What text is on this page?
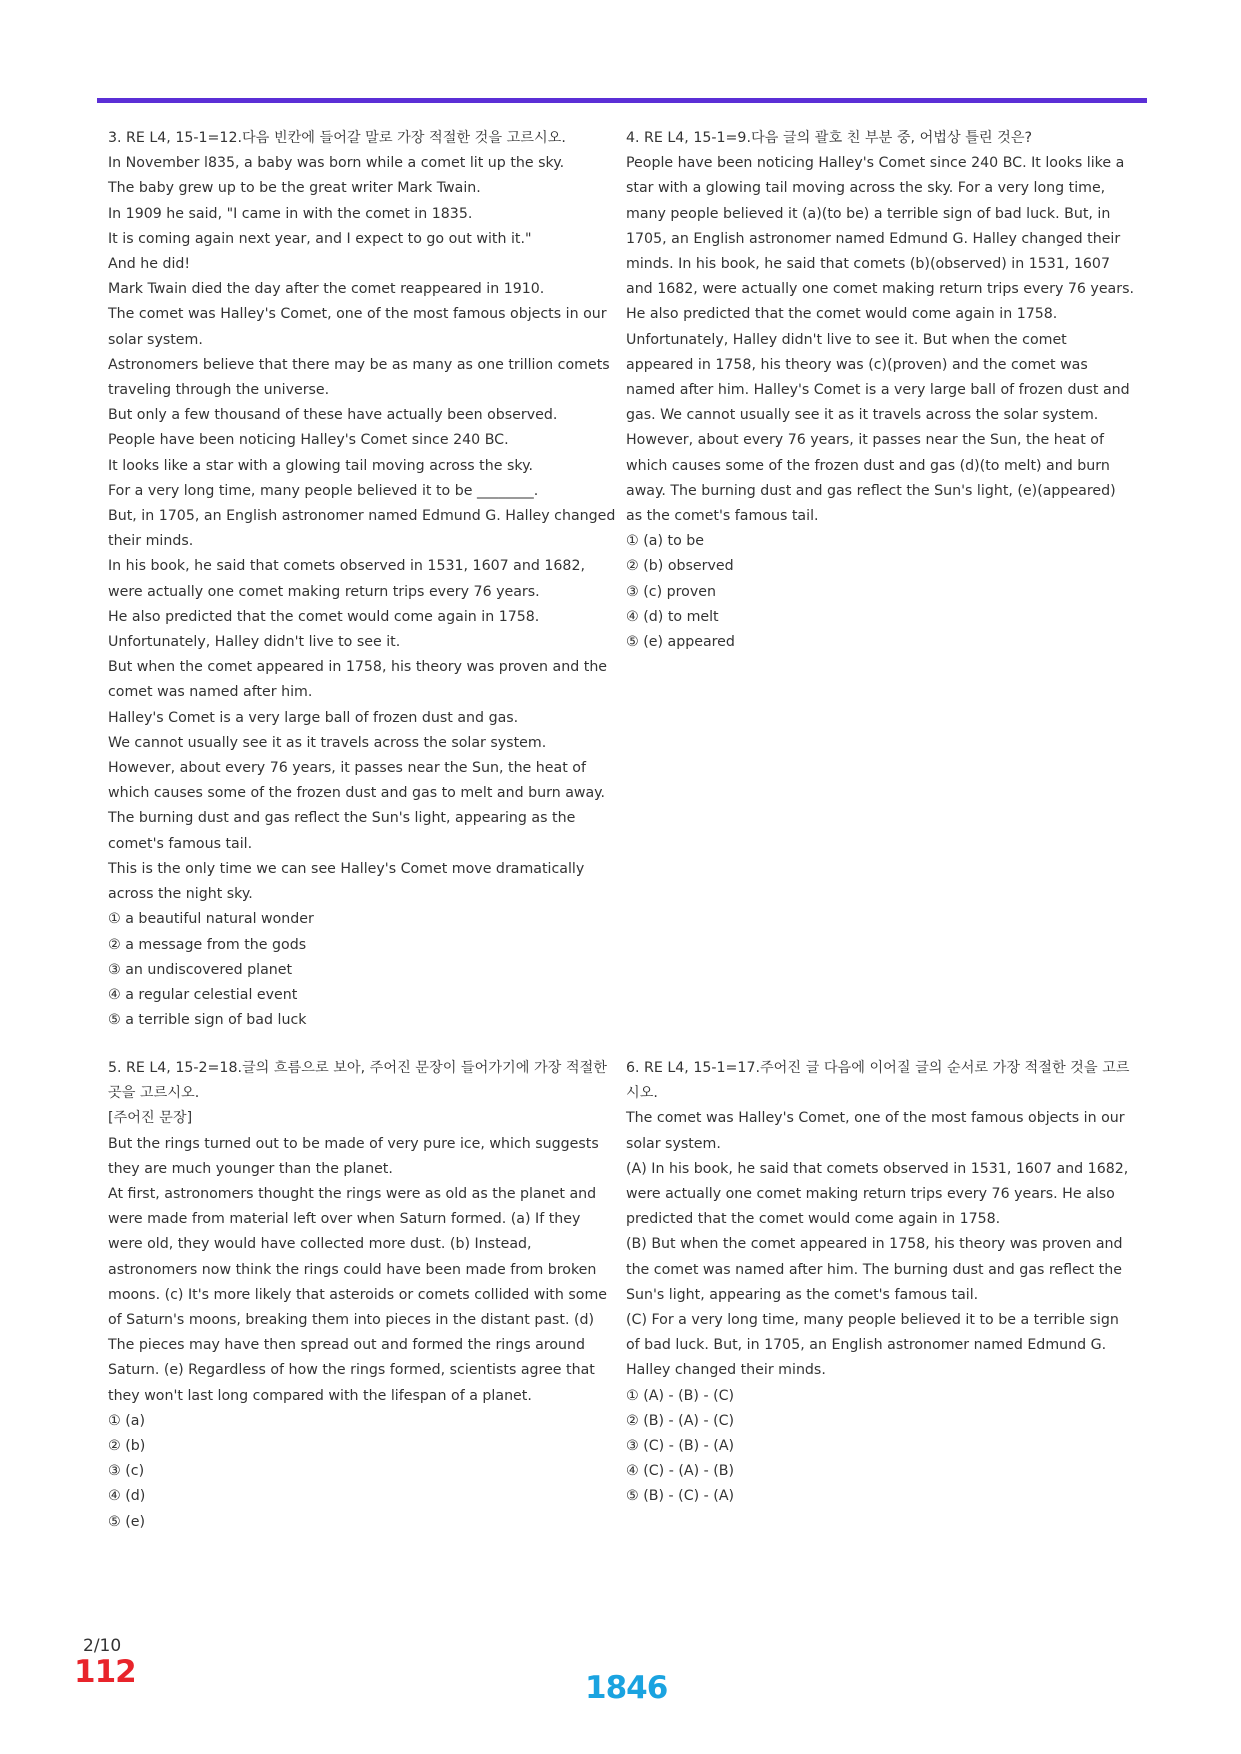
3. RE L4, 15-1=12.다음 빈칸에 들어갈 말로 가장 적절한 것을 고르시오.

In November l835, a baby was born while a comet lit up the sky.

The baby grew up to be the great writer Mark Twain.

In 1909 he said, "I came in with the comet in 1835.

It is coming again next year, and I expect to go out with it."

And he did!

Mark Twain died the day after the comet reappeared in 1910.

The comet was Halley's Comet, one of the most famous objects in our solar system.

Astronomers believe that there may be as many as one trillion comets traveling through the universe.

But only a few thousand of these have actually been observed.

People have been noticing Halley's Comet since 240 BC.

It looks like a star with a glowing tail moving across the sky.

For a very long time, many people believed it to be ________.

But, in 1705, an English astronomer named Edmund G. Halley changed their minds.

In his book, he said that comets observed in 1531, 1607 and 1682, were actually one comet making return trips every 76 years.

He also predicted that the comet would come again in 1758.

Unfortunately, Halley didn't live to see it.

But when the comet appeared in 1758, his theory was proven and the comet was named after him.

Halley's Comet is a very large ball of frozen dust and gas.

We cannot usually see it as it travels across the solar system.

However, about every 76 years, it passes near the Sun, the heat of which causes some of the frozen dust and gas to melt and burn away.

The burning dust and gas reflect the Sun's light, appearing as the comet's famous tail.

This is the only time we can see Halley's Comet move dramatically across the night sky.

① a beautiful natural wonder

② a message from the gods

③ an undiscovered planet

④ a regular celestial event

⑤ a terrible sign of bad luck

4. RE L4, 15-1=9.다음 글의 괄호 친 부분 중, 어법상 틀린 것은?

People have been noticing Halley's Comet since 240 BC. It looks like a star with a glowing tail moving across the sky. For a very long time, many people believed it (a)(to be) a terrible sign of bad luck. But, in 1705, an English astronomer named Edmund G. Halley changed their minds. In his book, he said that comets (b)(observed) in 1531, 1607 and 1682, were actually one comet making return trips every 76 years. He also predicted that the comet would come again in 1758. Unfortunately, Halley didn't live to see it. But when the comet appeared in 1758, his theory was (c)(proven) and the comet was named after him. Halley's Comet is a very large ball of frozen dust and gas. We cannot usually see it as it travels across the solar system. However, about every 76 years, it passes near the Sun, the heat of which causes some of the frozen dust and gas (d)(to melt) and burn away. The burning dust and gas reflect the Sun's light, (e)(appeared) as the comet's famous tail.

① (a) to be

② (b) observed

③ (c) proven

④ (d) to melt

⑤ (e) appeared

5. RE L4, 15-2=18.글의 흐름으로 보아, 주어진 문장이 들어가기에 가장 적절한 곳을 고르시오.

[주어진 문장]

But the rings turned out to be made of very pure ice, which suggests they are much younger than the planet.

At first, astronomers thought the rings were as old as the planet and were made from material left over when Saturn formed. (a) If they were old, they would have collected more dust. (b) Instead, astronomers now think the rings could have been made from broken moons. (c) It's more likely that asteroids or comets collided with some of Saturn's moons, breaking them into pieces in the distant past. (d) The pieces may have then spread out and formed the rings around Saturn. (e) Regardless of how the rings formed, scientists agree that they won't last long compared with the lifespan of a planet.

① (a)

② (b)

③ (c)

④ (d)

⑤ (e)

6. RE L4, 15-1=17.주어진 글 다음에 이어질 글의 순서로 가장 적절한 것을 고르시오.

The comet was Halley's Comet, one of the most famous objects in our solar system.

(A) In his book, he said that comets observed in 1531, 1607 and 1682, were actually one comet making return trips every 76 years. He also predicted that the comet would come again in 1758.

(B) But when the comet appeared in 1758, his theory was proven and the comet was named after him. The burning dust and gas reflect the Sun's light, appearing as the comet's famous tail.

(C) For a very long time, many people believed it to be a terrible sign of bad luck. But, in 1705, an English astronomer named Edmund G. Halley changed their minds.

① (A) - (B) - (C)

② (B) - (A) - (C)

③ (C) - (B) - (A)

④ (C) - (A) - (B)

⑤ (B) - (C) - (A)

2/10
112	1846
